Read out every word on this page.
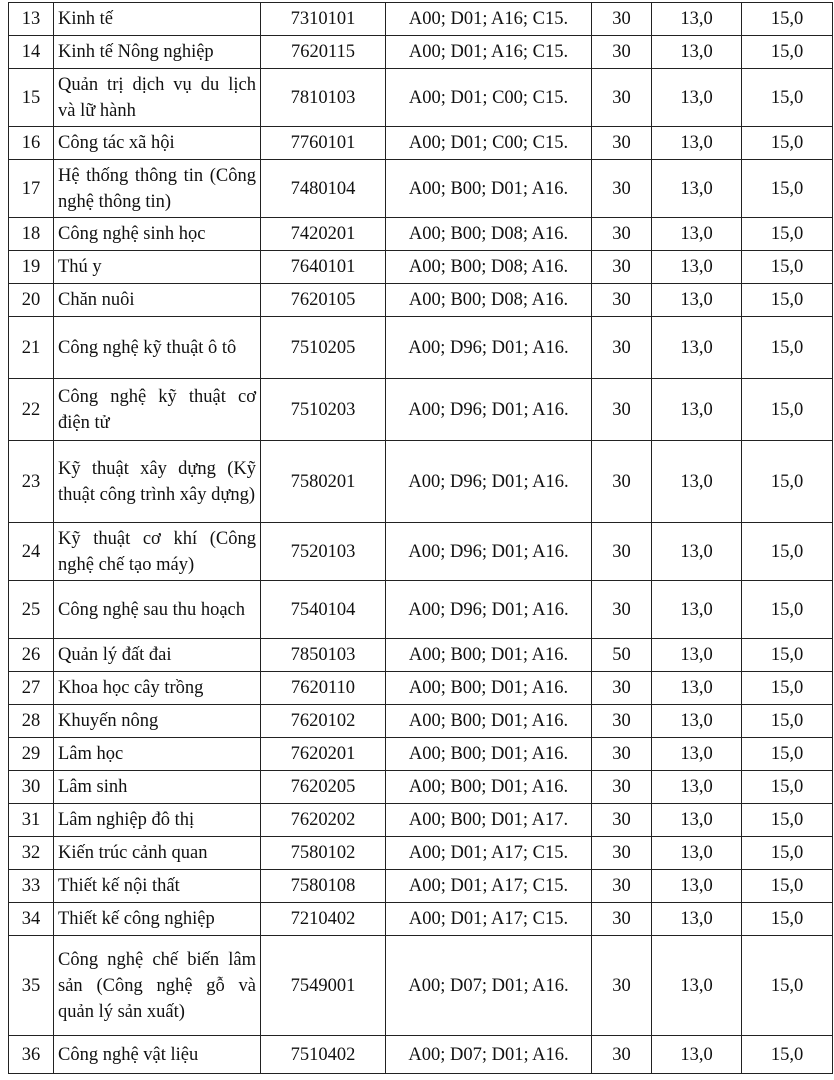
13	Kinh tế	7310101	A00; D01; A16; C15.	30	13,0	15,0
14	Kinh tế Nông nghiệp	7620115	A00; D01; A16; C15.	30	13,0	15,0
15	Quản trị dịch vụ du lịch và lữ hành	7810103	A00; D01; C00; C15.	30	13,0	15,0
16	Công tác xã hội	7760101	A00; D01; C00; C15.	30	13,0	15,0
17	Hệ thống thông tin (Công nghệ thông tin)	7480104	A00; B00; D01; A16.	30	13,0	15,0
18	Công nghệ sinh học	7420201	A00; B00; D08; A16.	30	13,0	15,0
19	Thú y	7640101	A00; B00; D08; A16.	30	13,0	15,0
20	Chăn nuôi	7620105	A00; B00; D08; A16.	30	13,0	15,0
21	Công nghệ kỹ thuật ô tô	7510205	A00; D96; D01; A16.	30	13,0	15,0
22	Công nghệ kỹ thuật cơ điện tử	7510203	A00; D96; D01; A16.	30	13,0	15,0
23	Kỹ thuật xây dựng (Kỹ thuật công trình xây dựng)	7580201	A00; D96; D01; A16.	30	13,0	15,0
24	Kỹ thuật cơ khí (Công nghệ chế tạo máy)	7520103	A00; D96; D01; A16.	30	13,0	15,0
25	Công nghệ sau thu hoạch	7540104	A00; D96; D01; A16.	30	13,0	15,0
26	Quản lý đất đai	7850103	A00; B00; D01; A16.	50	13,0	15,0
27	Khoa học cây trồng	7620110	A00; B00; D01; A16.	30	13,0	15,0
28	Khuyến nông	7620102	A00; B00; D01; A16.	30	13,0	15,0
29	Lâm học	7620201	A00; B00; D01; A16.	30	13,0	15,0
30	Lâm sinh	7620205	A00; B00; D01; A16.	30	13,0	15,0
31	Lâm nghiệp đô thị	7620202	A00; B00; D01; A17.	30	13,0	15,0
32	Kiến trúc cảnh quan	7580102	A00; D01; A17; C15.	30	13,0	15,0
33	Thiết kế nội thất	7580108	A00; D01; A17; C15.	30	13,0	15,0
34	Thiết kế công nghiệp	7210402	A00; D01; A17; C15.	30	13,0	15,0
35	Công nghệ chế biến lâm sản (Công nghệ gỗ và quản lý sản xuất)	7549001	A00; D07; D01; A16.	30	13,0	15,0
36	Công nghệ vật liệu	7510402	A00; D07; D01; A16.	30	13,0	15,0
